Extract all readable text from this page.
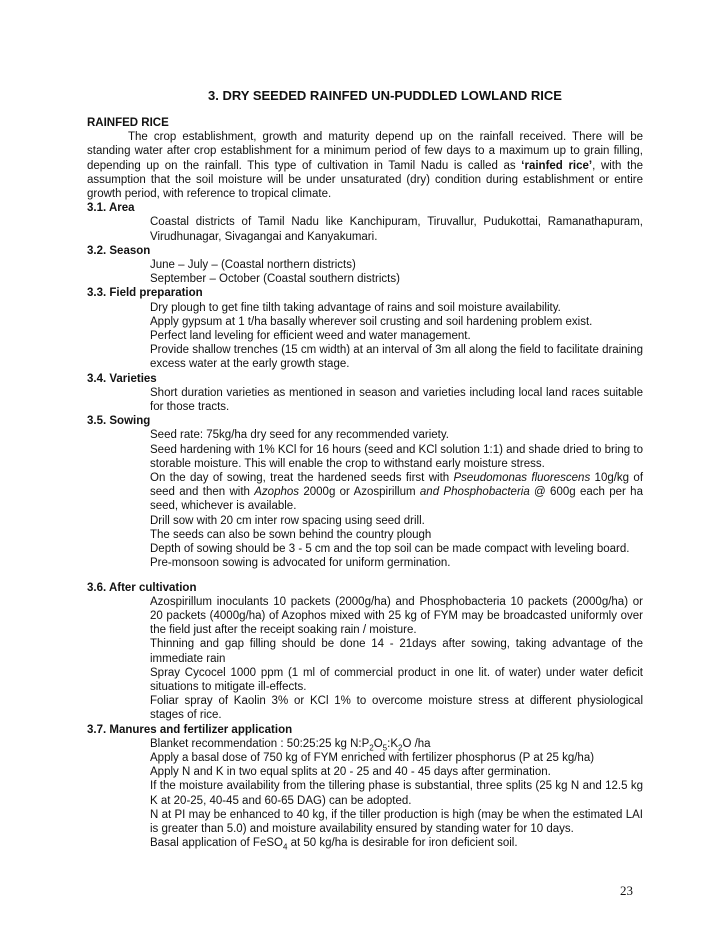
3. DRY SEEDED RAINFED UN-PUDDLED LOWLAND RICE

RAINFED RICE

The crop establishment, growth and maturity depend up on the rainfall received. There will be standing water after crop establishment for a minimum period of few days to a maximum up to grain filling, depending up on the rainfall. This type of cultivation in Tamil Nadu is called as ‘rainfed rice’, with the assumption that the soil moisture will be under unsaturated (dry) condition during establishment or entire growth period, with reference to tropical climate.

3.1. Area

Coastal districts of Tamil Nadu like Kanchipuram, Tiruvallur, Pudukottai, Ramanathapuram, Virudhunagar, Sivagangai and Kanyakumari.

3.2. Season

June – July – (Coastal northern districts)

September – October (Coastal southern districts)

3.3. Field preparation

Dry plough to get fine tilth taking advantage of rains and soil moisture availability.

Apply gypsum at 1 t/ha basally wherever soil crusting and soil hardening problem exist.

Perfect land leveling for efficient weed and water management.

Provide shallow trenches (15 cm width) at an interval of 3m all along the field to facilitate draining excess water at the early growth stage.

3.4. Varieties

Short duration varieties as mentioned in season and varieties including local land races suitable for those tracts.

3.5. Sowing

Seed rate: 75kg/ha dry seed for any recommended variety.

Seed hardening with 1% KCl for 16 hours (seed and KCl solution 1:1) and shade dried to bring to storable moisture. This will enable the crop to withstand early moisture stress.

On the day of sowing, treat the hardened seeds first with Pseudomonas fluorescens 10g/kg of seed and then with Azophos 2000g or Azospirillum and Phosphobacteria @ 600g each per ha seed, whichever is available.

Drill sow with 20 cm inter row spacing using seed drill.

The seeds can also be sown behind the country plough

Depth of sowing should be 3 - 5 cm and the top soil can be made compact with leveling board.

Pre-monsoon sowing is advocated for uniform germination.

3.6. After cultivation

Azospirillum inoculants 10 packets (2000g/ha) and Phosphobacteria 10 packets (2000g/ha) or 20 packets (4000g/ha) of Azophos mixed with 25 kg of FYM may be broadcasted uniformly over the field just after the receipt soaking rain / moisture.

Thinning and gap filling should be done 14 - 21days after sowing, taking advantage of the immediate rain

Spray Cycocel 1000 ppm (1 ml of commercial product in one lit. of water) under water deficit situations to mitigate ill-effects.

Foliar spray of Kaolin 3% or KCl 1% to overcome moisture stress at different physiological stages of rice.

3.7. Manures and fertilizer application

Blanket recommendation : 50:25:25 kg $N:P_2O_5:K_2O$ /ha

Apply a basal dose of 750 kg of FYM enriched with fertilizer phosphorus (P at 25 kg/ha)

Apply N and K in two equal splits at 20 - 25 and 40 - 45 days after germination.

If the moisture availability from the tillering phase is substantial, three splits (25 kg N and 12.5 kg K at 20-25, 40-45 and 60-65 DAG) can be adopted.

N at PI may be enhanced to 40 kg, if the tiller production is high (may be when the estimated LAI is greater than 5.0) and moisture availability ensured by standing water for 10 days.

Basal application of FeSO$_4$ at 50 kg/ha is desirable for iron deficient soil.

23
